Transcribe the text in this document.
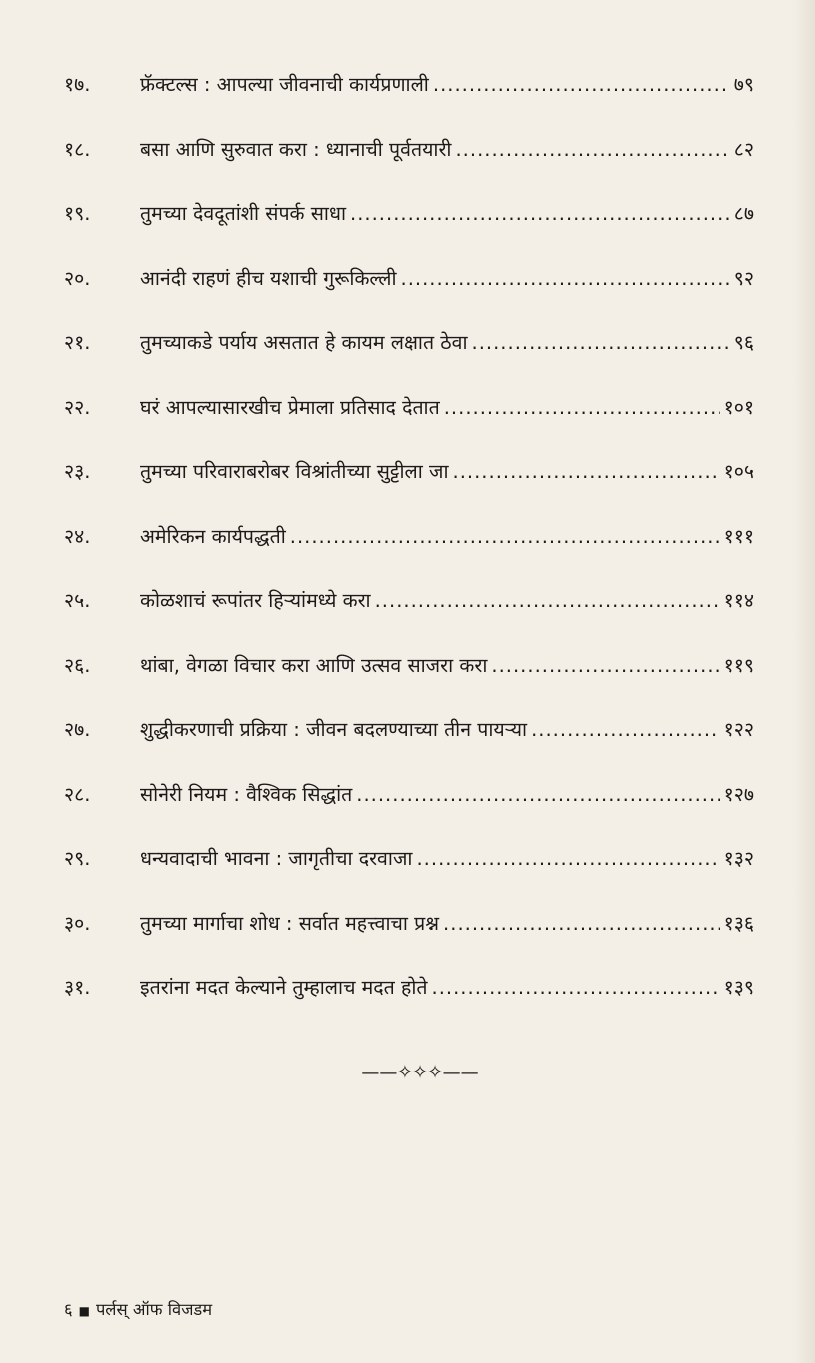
१७.	फ्रॅक्टल्स : आपल्या जीवनाची कार्यप्रणाली .....	७९
१८.	बसा आणि सुरुवात करा : ध्यानाची पूर्वतयारी .....	८२
१९.	तुमच्या देवदूतांशी संपर्क साधा .....	८७
२०.	आनंदी राहणं हीच यशाची गुरूकिल्ली .....	९२
२१.	तुमच्याकडे पर्याय असतात हे कायम लक्षात ठेवा .....	९६
२२.	घरं आपल्यासारखीच प्रेमाला प्रतिसाद देतात .....	१०१
२३.	तुमच्या परिवाराबरोबर विश्रांतीच्या सुट्टीला जा .....	१०५
२४.	अमेरिकन कार्यपद्धती .....	१११
२५.	कोळशाचं रूपांतर हिऱ्यांमध्ये करा .....	११४
२६.	थांबा, वेगळा विचार करा आणि उत्सव साजरा करा .....	११९
२७.	शुद्धीकरणाची प्रक्रिया : जीवन बदलण्याच्या तीन पायऱ्या .....	१२२
२८.	सोनेरी नियम : वैश्विक सिद्धांत .....	१२७
२९.	धन्यवादाची भावना : जागृतीचा दरवाजा .....	१३२
३०.	तुमच्या मार्गाचा शोध : सर्वात महत्त्वाचा प्रश्न .....	१३६
३१.	इतरांना मदत केल्याने तुम्हालाच मदत होते .....	१३९
——✧✧✧——
६ ■ पर्लस् ऑफ विजडम
